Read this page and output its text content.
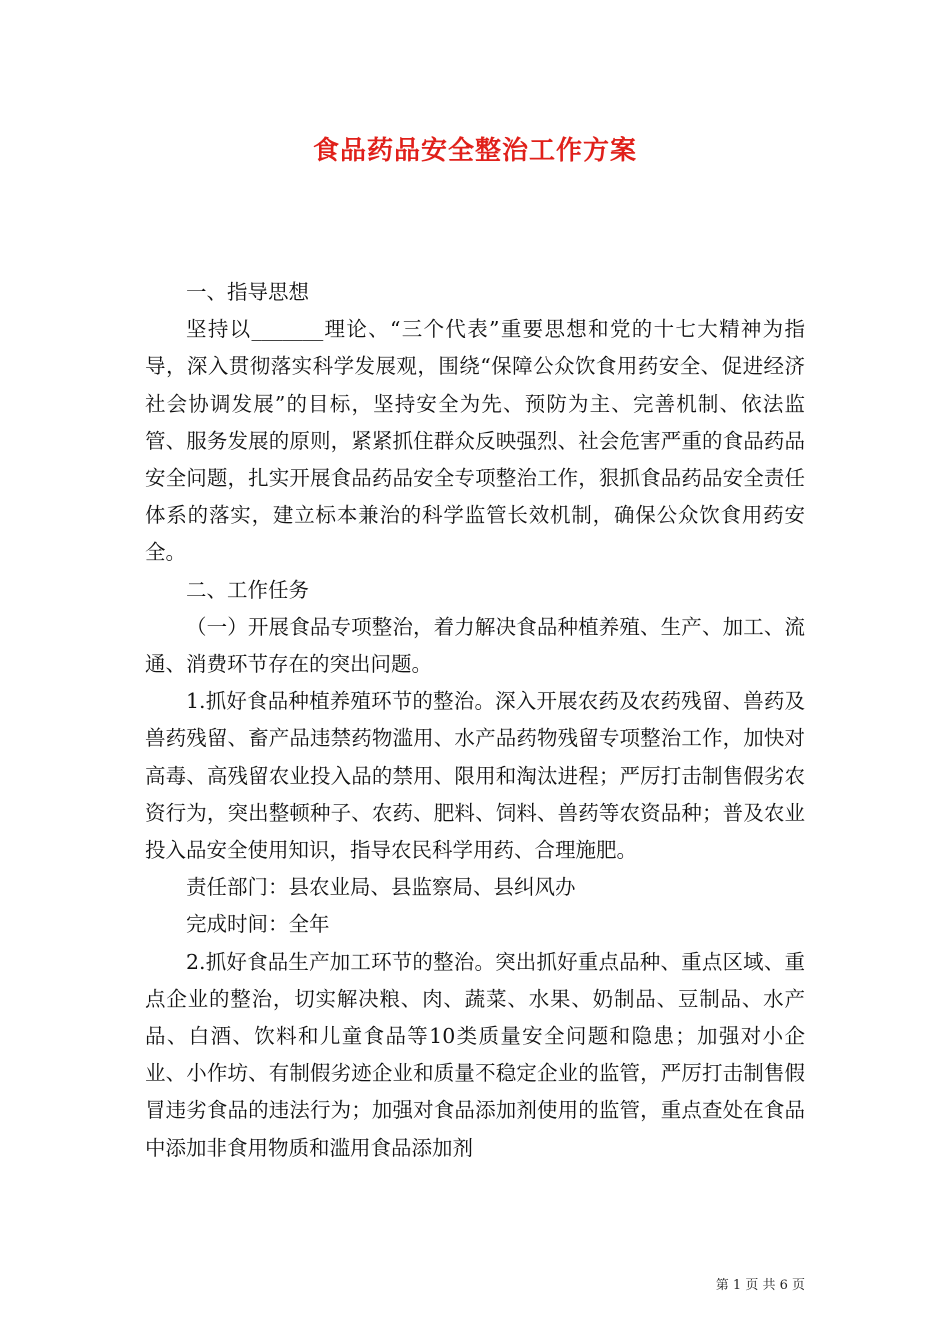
食品药品安全整治工作方案

一、指导思想

坚持以_______理论、“三个代表”重要思想和党的十七大精神为指导，深入贯彻落实科学发展观，围绕“保障公众饮食用药安全、促进经济社会协调发展”的目标，坚持安全为先、预防为主、完善机制、依法监管、服务发展的原则，紧紧抓住群众反映强烈、社会危害严重的食品药品安全问题，扎实开展食品药品安全专项整治工作，狠抓食品药品安全责任体系的落实，建立标本兼治的科学监管长效机制，确保公众饮食用药安全。

二、工作任务

（一）开展食品专项整治，着力解决食品种植养殖、生产、加工、流通、消费环节存在的突出问题。

1.抓好食品种植养殖环节的整治。深入开展农药及农药残留、兽药及兽药残留、畜产品违禁药物滥用、水产品药物残留专项整治工作，加快对高毒、高残留农业投入品的禁用、限用和淘汰进程；严厉打击制售假劣农资行为，突出整顿种子、农药、肥料、饲料、兽药等农资品种；普及农业投入品安全使用知识，指导农民科学用药、合理施肥。

责任部门：县农业局、县监察局、县纠风办

完成时间：全年

2.抓好食品生产加工环节的整治。突出抓好重点品种、重点区域、重点企业的整治，切实解决粮、肉、蔬菜、水果、奶制品、豆制品、水产品、白酒、饮料和儿童食品等10类质量安全问题和隐患；加强对小企业、小作坊、有制假劣迹企业和质量不稳定企业的监管，严厉打击制售假冒违劣食品的违法行为；加强对食品添加剂使用的监管，重点查处在食品中添加非食用物质和滥用食品添加剂

第 1 页 共 6 页
